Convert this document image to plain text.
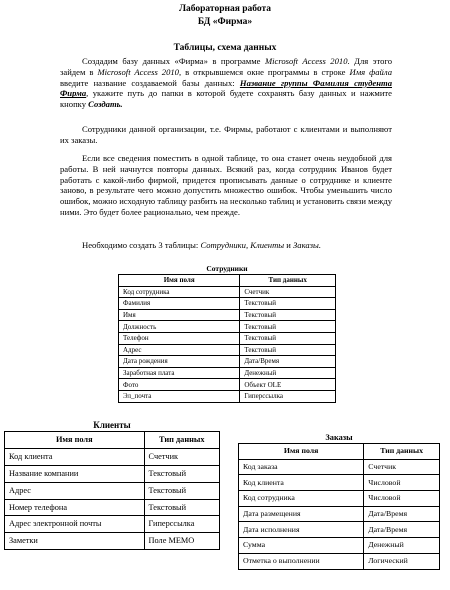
Лабораторная работа
БД «Фирма»
Таблицы, схема данных
Создадим базу данных «Фирма» в программе Microsoft Access 2010. Для этого зайдем в Microsoft Access 2010, в открывшемся окне программы в строке Имя файла введите название создаваемой базы данных: Название группы Фамилия студента Фирма, укажите путь до папки в которой будете сохранять базу данных и нажмите кнопку Создать.
Сотрудники данной организации, т.е. Фирмы, работают с клиентами и выполняют их заказы.
Если все сведения поместить в одной таблице, то она станет очень неудобной для работы. В ней начнутся повторы данных. Всякий раз, когда сотрудник Иванов будет работать с какой-либо фирмой, придется прописывать данные о сотруднике и клиенте заново, в результате чего можно допустить множество ошибок. Чтобы уменьшить число ошибок, можно исходную таблицу разбить на несколько таблиц и установить связи между ними. Это будет более рационально, чем прежде.
Необходимо создать 3 таблицы: Сотрудники, Клиенты и Заказы.
Сотрудники
Имя поля	Тип данных
Код сотрудника	Счетчик
Фамилия	Текстовый
Имя	Текстовый
Должность	Текстовый
Телефон	Текстовый
Адрес	Текстовый
Дата рождения	Дата/Время
Заработная плата	Денежный
Фото	Объект OLE
Эл_почта	Гиперссылка
Клиенты
Имя поля	Тип данных
Код клиента	Счетчик
Название компании	Текстовый
Адрес	Текстовый
Номер телефона	Текстовый
Адрес электронной почты	Гиперссылка
Заметки	Поле MEMO
Заказы
Имя поля	Тип данных
Код заказа	Счетчик
Код клиента	Числовой
Код сотрудника	Числовой
Дата размещения	Дата/Время
Дата исполнения	Дата/Время
Сумма	Денежный
Отметка о выполнении	Логический
